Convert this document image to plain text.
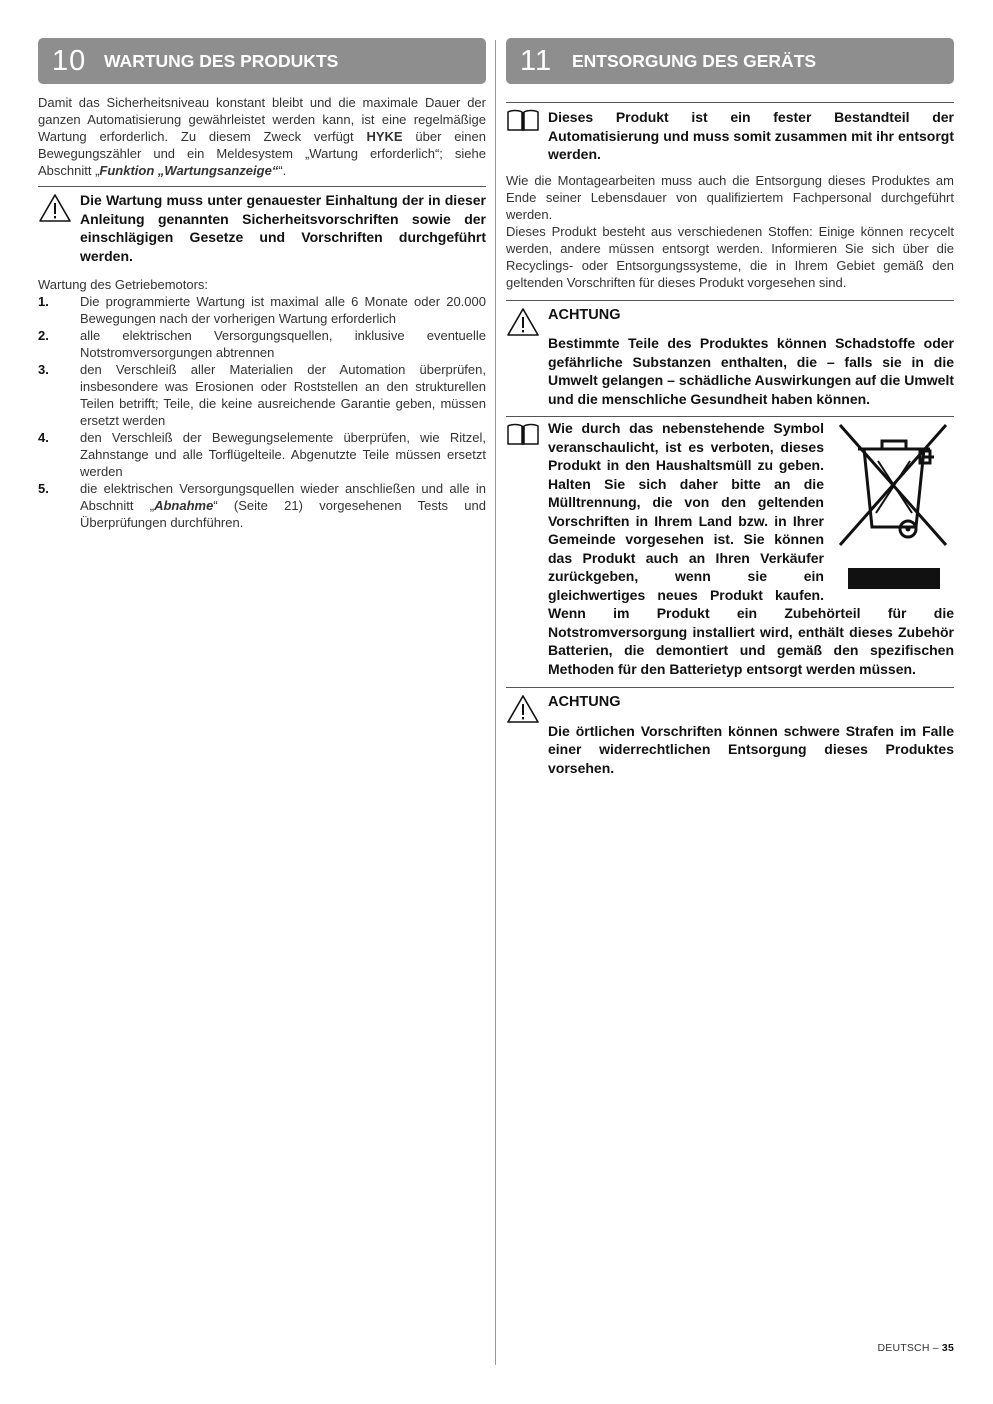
10	WARTUNG DES PRODUKTS

Damit das Sicherheitsniveau konstant bleibt und die maximale Dauer der ganzen Automatisierung gewährleistet werden kann, ist eine regelmäßige Wartung erforderlich. Zu diesem Zweck verfügt HYKE über einen Bewegungszähler und ein Meldesystem „Wartung erforderlich“; siehe Abschnitt „Funktion „Wartungsanzeige““.

Die Wartung muss unter genauester Einhaltung der in dieser Anleitung genannten Sicherheitsvorschriften sowie der einschlägigen Gesetze und Vorschriften durchgeführt werden.

Wartung des Getriebemotors:

1.	Die programmierte Wartung ist maximal alle 6 Monate oder 20.000 Bewegungen nach der vorherigen Wartung erforderlich
2.	alle elektrischen Versorgungsquellen, inklusive eventuelle Notstromversorgungen abtrennen
3.	den Verschleiß aller Materialien der Automation überprüfen, insbesondere was Erosionen oder Roststellen an den strukturellen Teilen betrifft; Teile, die keine ausreichende Garantie geben, müssen ersetzt werden
4.	den Verschleiß der Bewegungselemente überprüfen, wie Ritzel, Zahnstange und alle Torflügelteile. Abgenutzte Teile müssen ersetzt werden
5.	die elektrischen Versorgungsquellen wieder anschließen und alle in Abschnitt „Abnahme“ (Seite 21) vorgesehenen Tests und Überprüfungen durchführen.
11	ENTSORGUNG DES GERÄTS
Dieses Produkt ist ein fester Bestandteil der Automatisierung und muss somit zusammen mit ihr entsorgt werden.

Wie die Montagearbeiten muss auch die Entsorgung dieses Produktes am Ende seiner Lebensdauer von qualifiziertem Fachpersonal durchgeführt werden.

Dieses Produkt besteht aus verschiedenen Stoffen: Einige können recycelt werden, andere müssen entsorgt werden. Informieren Sie sich über die Recyclings- oder Entsorgungssysteme, die in Ihrem Gebiet gemäß den geltenden Vorschriften für dieses Produkt vorgesehen sind.

ACHTUNG
Bestimmte Teile des Produktes können Schadstoffe oder gefährliche Substanzen enthalten, die – falls sie in die Umwelt gelangen – schädliche Auswirkungen auf die Umwelt und die menschliche Gesundheit haben können.
Wie durch das nebenstehende Symbol veranschaulicht, ist es verboten, dieses Produkt in den Haushaltsmüll zu geben. Halten Sie sich daher bitte an die Mülltrennung, die von den geltenden Vorschriften in Ihrem Land bzw. in Ihrer Gemeinde vorgesehen ist. Sie können das Produkt auch an Ihren Verkäufer zurückgeben, wenn sie ein gleichwertiges neues Produkt kaufen. Wenn im Produkt ein Zubehörteil für die Notstromversorgung installiert wird, enthält dieses Zubehör Batterien, die demontiert und gemäß den spezifischen Methoden für den Batterietyp entsorgt werden müssen.
ACHTUNG
Die örtlichen Vorschriften können schwere Strafen im Falle einer widerrechtlichen Entsorgung dieses Produktes vorsehen.
DEUTSCH – 35
